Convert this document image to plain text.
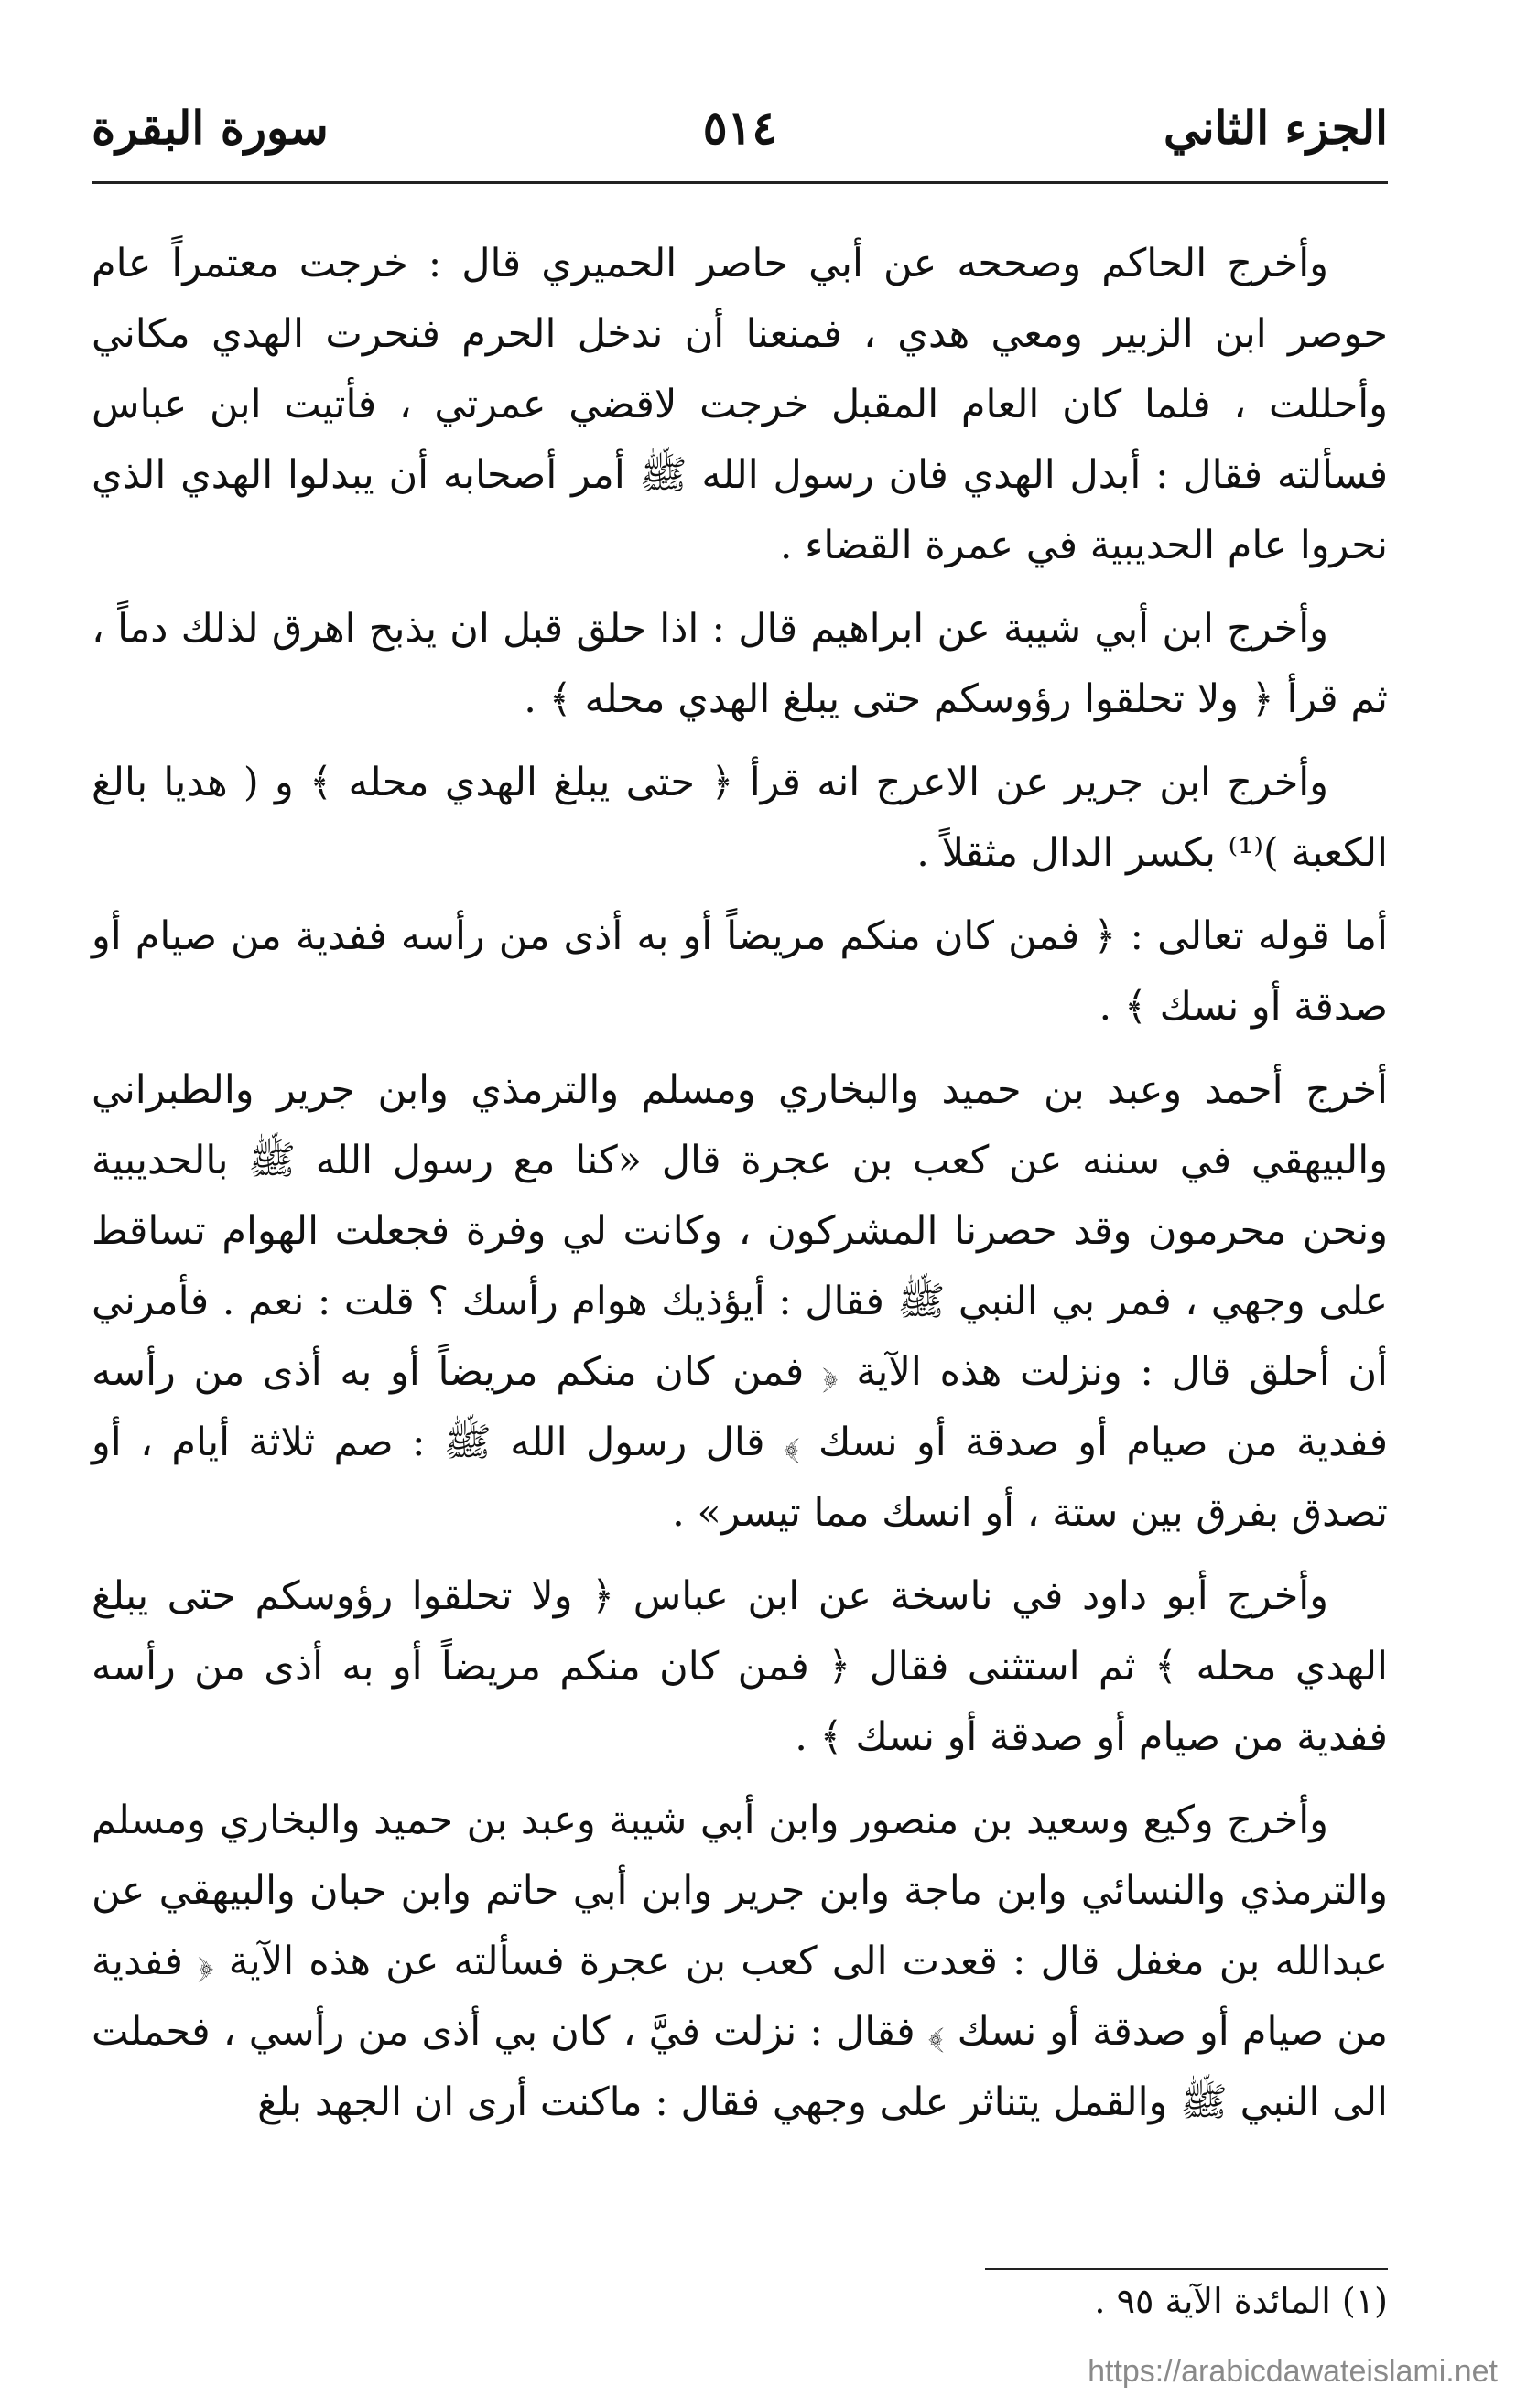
الجزء الثاني
٥١٤
سورة البقرة

وأخرج الحاكم وصححه عن أبي حاصر الحميري قال : خرجت معتمراً عام حوصر ابن الزبير ومعي هدي ، فمنعنا أن ندخل الحرم فنحرت الهدي مكاني وأحللت ، فلما كان العام المقبل خرجت لاقضي عمرتي ، فأتيت ابن عباس فسألته فقال : أبدل الهدي فان رسول الله ﷺ أمر أصحابه أن يبدلوا الهدي الذي نحروا عام الحديبية في عمرة القضاء .

وأخرج ابن أبي شيبة عن ابراهيم قال : اذا حلق قبل ان يذبح اهرق لذلك دماً ، ثم قرأ ﴿ ولا تحلقوا رؤوسكم حتى يبلغ الهدي محله ﴾ .

وأخرج ابن جرير عن الاعرج انه قرأ ﴿ حتى يبلغ الهدي محله ﴾ و ( هديا بالغ الكعبة )⁽¹⁾ بكسر الدال مثقلاً .

أما قوله تعالى : ﴿ فمن كان منكم مريضاً أو به أذى من رأسه ففدية من صيام أو صدقة أو نسك ﴾ .

أخرج أحمد وعبد بن حميد والبخاري ومسلم والترمذي وابن جرير والطبراني والبيهقي في سننه عن كعب بن عجرة قال «كنا مع رسول الله ﷺ بالحديبية ونحن محرمون وقد حصرنا المشركون ، وكانت لي وفرة فجعلت الهوام تساقط على وجهي ، فمر بي النبي ﷺ فقال : أيؤذيك هوام رأسك ؟ قلت : نعم . فأمرني أن أحلق قال : ونزلت هذه الآية ﴿ فمن كان منكم مريضاً أو به أذى من رأسه ففدية من صيام أو صدقة أو نسك ﴾ قال رسول الله ﷺ : صم ثلاثة أيام ، أو تصدق بفرق بين ستة ، أو انسك مما تيسر» .

وأخرج أبو داود في ناسخة عن ابن عباس ﴿ ولا تحلقوا رؤوسكم حتى يبلغ الهدي محله ﴾ ثم استثنى فقال ﴿ فمن كان منكم مريضاً أو به أذى من رأسه ففدية من صيام أو صدقة أو نسك ﴾ .

وأخرج وكيع وسعيد بن منصور وابن أبي شيبة وعبد بن حميد والبخاري ومسلم والترمذي والنسائي وابن ماجة وابن جرير وابن أبي حاتم وابن حبان والبيهقي عن عبدالله بن مغفل قال : قعدت الى كعب بن عجرة فسألته عن هذه الآية ﴿ ففدية من صيام أو صدقة أو نسك ﴾ فقال : نزلت فيَّ ، كان بي أذى من رأسي ، فحملت الى النبي ﷺ والقمل يتناثر على وجهي فقال : ماكنت أرى ان الجهد بلغ

(١) المائدة الآية ٩٥ .
https://arabicdawateislami.net
